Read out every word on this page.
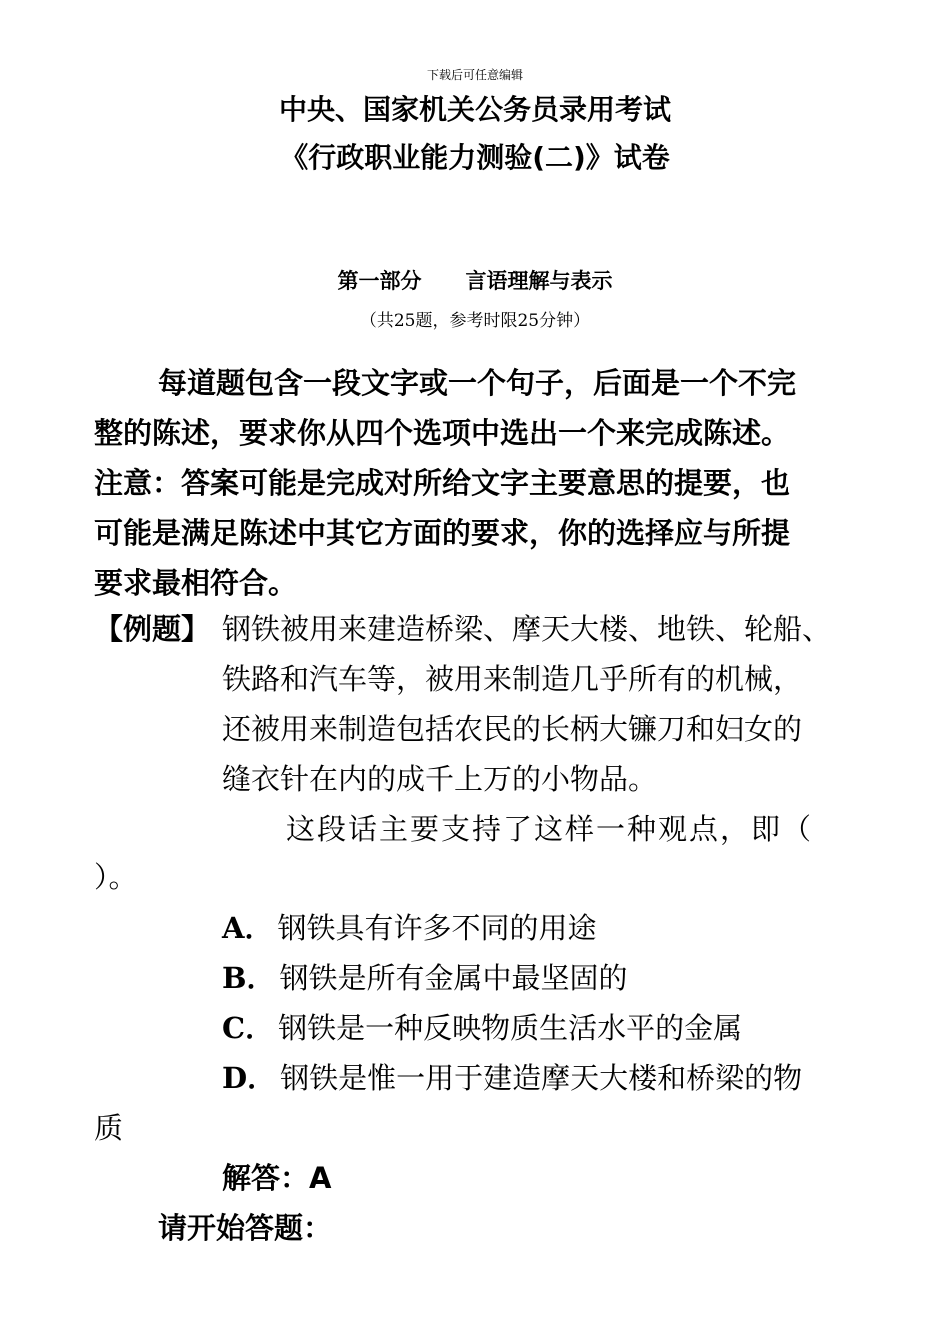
下载后可任意编辑
中央、国家机关公务员录用考试
《行政职业能力测验(二)》试卷
第一部分 言语理解与表示
（共25题，参考时限25分钟）
每道题包含一段文字或一个句子，后面是一个不完
整的陈述，要求你从四个选项中选出一个来完成陈述。
注意：答案可能是完成对所给文字主要意思的提要，也
可能是满足陈述中其它方面的要求，你的选择应与所提
要求最相符合。
【例题】 钢铁被用来建造桥梁、摩天大楼、地铁、轮船、
铁路和汽车等，被用来制造几乎所有的机械，
还被用来制造包括农民的长柄大镰刀和妇女的
缝衣针在内的成千上万的小物品。
这段话主要支持了这样一种观点，即（
）。
A． 钢铁具有许多不同的用途
B． 钢铁是所有金属中最坚固的
C． 钢铁是一种反映物质生活水平的金属
D． 钢铁是惟一用于建造摩天大楼和桥梁的物
质
解答：A
请开始答题：
